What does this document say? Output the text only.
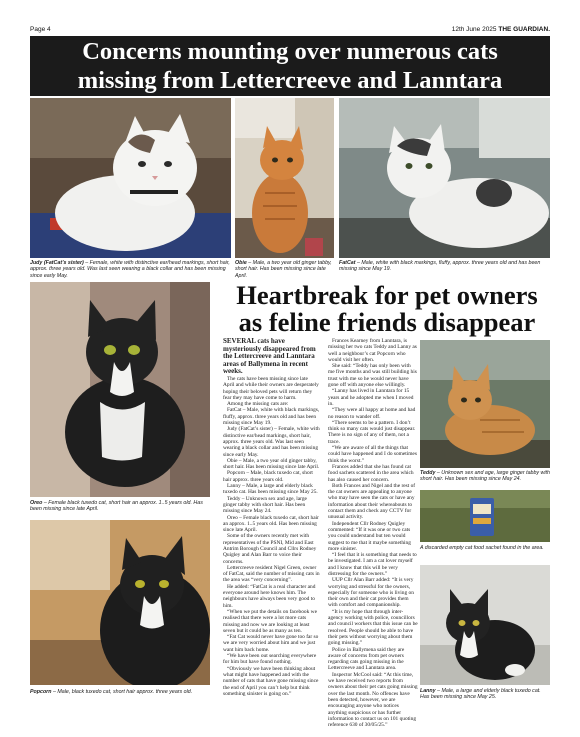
Page 4	12th June 2025 THE GUARDIAN.
Concerns mounting over numerous cats
missing from Lettercreeve and Lanntara
Judy (FatCat’s sister) – Female, white with distinctive ear/head markings, short hair, approx. three years old. Was last seen wearing a black collar and has been missing since early May.
Obie – Male, a two year old ginger tabby, short hair. Has been missing since late April.
FatCat – Male, white with black markings, fluffy, approx. three years old and has been missing since May 19.
Oreo – Female black tuxedo cat, short hair an approx. 1..5 years old. Has been missing since late April.
Popcorn – Male, black tuxedo cat, short hair approx. three years old.
Heartbreak for pet owners
as feline friends disappear

SEVERAL cats have mysteriously disappeared from the Lettercreeve and Lanntara areas of Ballymena in recent weeks.

The cats have been missing since late April and while their owners are desperately hoping their beloved pets will return they fear they may have come to harm.

Among the missing cats are:

FatCat – Male, white with black markings, fluffy, approx. three years old and has been missing since May 19.

Judy (FatCat’s sister) – Female, white with distinctive ear/head markings, short hair, approx. three years old. Was last seen wearing a black collar and has been missing since early May.

Obie – Male, a two year old ginger tabby, short hair. Has been missing since late April.

Popcorn – Male, black tuxedo cat, short hair approx. three years old.

Lanny – Male, a large and elderly black tuxedo cat. Has been missing since May 25.

Teddy – Unknown sex and age, large ginger tabby with short hair. Has been missing since May 24.

Oreo – Female black tuxedo cat, short hair an approx. 1..5 years old. Has been missing since late April.

Some of the owners recently met with representatives of the PSNI, Mid and East Antrim Borough Council and Cllrs Rodney Quigley and Alan Barr to voice their concerns.

Lettercreeve resident Nigel Green, owner of FatCat, said the number of missing cats in the area was “very concerning”.

He added: “FatCat is a real character and everyone around here knows him. The neighbours have always been very good to him.

“When we put the details on facebook we realised that there were a lot more cats missing and now we are looking at least seven but it could be as many as ten.

“Fat Cat would never have gone too far so we are very worried about him and we just want him back home.

“We have been out searching everywhere for him but have found nothing.

“Obviously we have been thinking about what might have happened and with the number of cats that have gone missing since the end of April you can’t help but think something sinister is going on.”

Frances Kearney from Lanntara, is missing her two cats Teddy and Lanny as well a neighbour’s cat Popcorn who would visit her often.

She said: “Teddy has only been with me five months and was still building his trust with me so he would never have gone off with anyone else willingly.

“Lanny has lived in Lanntara for 15 years and he adopted me when I moved in.

“They were all happy at home and had no reason to wander off.

“There seems to be a pattern. I don’t think so many cats would just disappear. There is no sign of any of them, not a trace.

“We are aware of all the things that could have happened and I do sometimes think the worst.”

Frances added that she has found cat food sachets scattered in the area which has also caused her concern.

Both Frances and Nigel and the rest of the cat owners are appealing to anyone who may have seen the cats or have any information about their whereabouts to contact them and check any CCTV for unusual activity.

Independent Cllr Rodney Quigley commented: “If it was one or two cats you could understand but ten would suggest to me that it maybe something more sinister.

“I feel that it is something that needs to be investigated. I am a cat lover myself and I know that this will be very distressing for the owners.”

UUP Cllr Alan Barr added: “It is very worrying and stressful for the owners, especially for someone who is living on their own and their cat provides them with comfort and companionship.

“It is my hope that through inter-agency working with police, councillors and council workers that this issue can be resolved. People should be able to have their pets without worrying about them going missing.”

Police in Ballymena said they are aware of concerns from pet owners regarding cats going missing in the Lettercreeve and Lanntara area.

Inspector McCool said: “At this time, we have received two reports from owners about their pet cats going missing over the last month. No offences have been detected, however, we are encouraging anyone who notices anything suspicious or has further information to contact us on 101 quoting reference 630 of 30/05/25.”

Teddy – Unknown sex and age, large ginger tabby with short hair. Has been missing since May 24.
A discarded empty cat food sachet found in the area.
Lanny – Male, a large and elderly black tuxedo cat. Has been missing since May 25.
